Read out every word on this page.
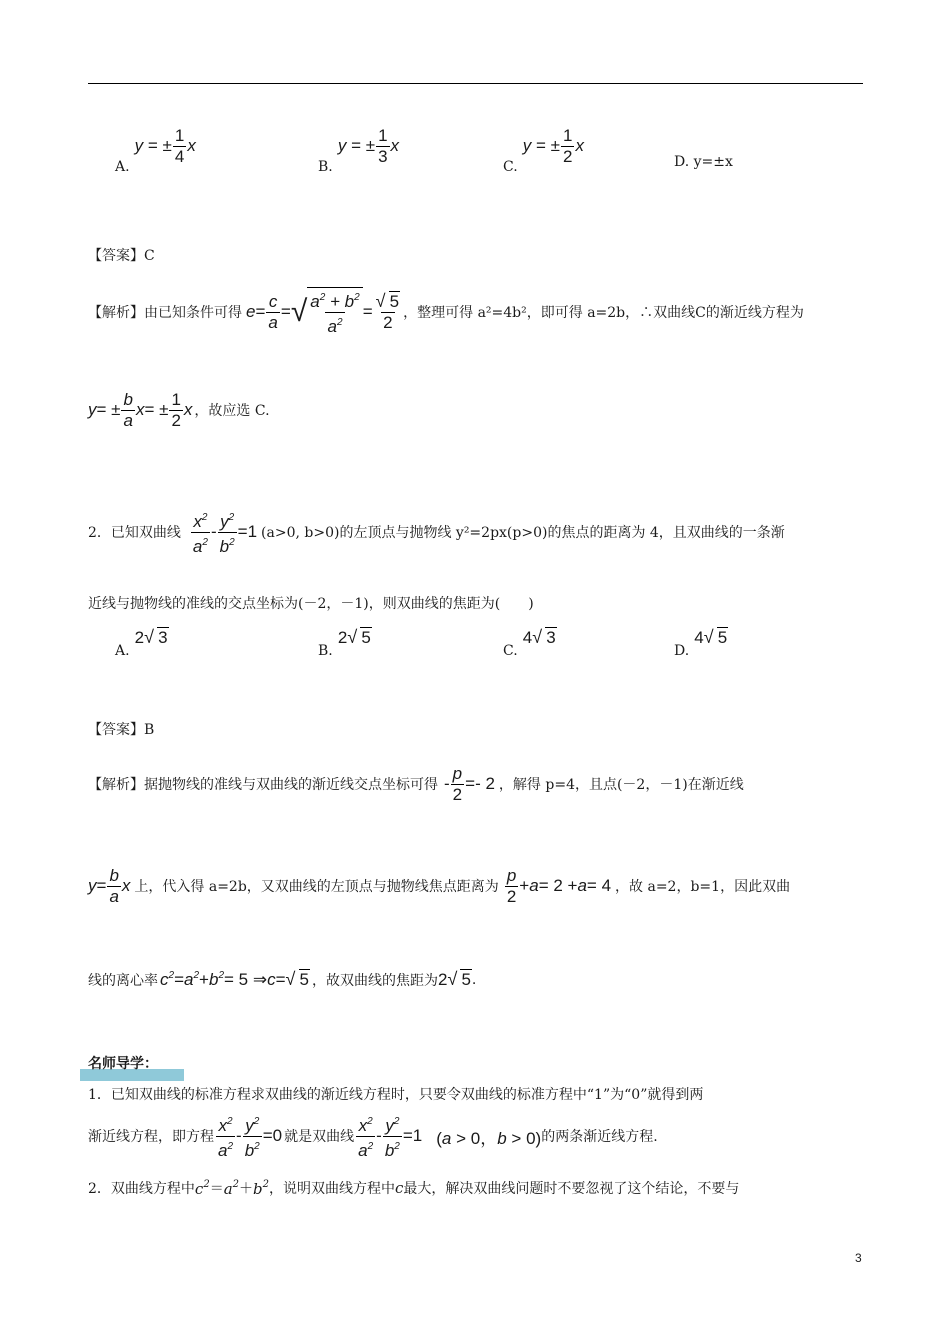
A. y = ± $\frac{1}{4}$ x
B. y = ± $\frac{1}{3}$ x
C. y = ± $\frac{1}{2}$ x
D. y=±x
【答案】C
【解析】由已知条件可得 $e = \frac{c}{a}$ = √ $\frac{a^2 + b^2}{a^2}$ = √ $\frac{5}{2}$ ，整理可得 a²=4b²，即可得 a=2b，∴双曲线C的渐近线方程为
y = ± $\frac{b}{a}$ x = ± $\frac{1}{2}$ x ，故应选 C.
2．已知双曲线 $\frac{x^2}{a^2} - \frac{y^2}{b^2} =1$ (a>0, b>0)的左顶点与抛物线 y²=2px(p>0)的焦点的距离为 4，且双曲线的一条渐
近线与抛物线的准线的交点坐标为(－2，－1)，则双曲线的焦距为(　　)
A. 2 √ 3
B. 2 √ 5
C. 4 √ 3
D. 4 √ 5
【答案】B
【解析】据抛物线的准线与双曲线的渐近线交点坐标可得 - $\frac{p}{2} =- 2$ ，解得 p=4，且点(－2，－1)在渐近线
$y = \frac{b}{a}$ x 上，代入得 a=2b，又双曲线的左顶点与抛物线焦点距离为 $\frac{p}{2} + a = 2 + a = 4$ ，故 a=2，b=1，因此双曲
线的离心率 $c^2 = a^2 + b^2 = 5$ ⇒ c = √ 5 ，故双曲线的焦距为 2 √ 5 .
名师导学：
1．已知双曲线的标准方程求双曲线的渐近线方程时，只要令双曲线的标准方程中“1”为“0”就得到两
渐近线方程，即方程 $\frac{x^2}{a^2} - \frac{y^2}{b^2} =0$ 就是双曲线 $\frac{x^2}{a^2} - \frac{y^2}{b^2} =1$ (a > 0，b > 0) 的两条渐近线方程.
2．双曲线方程中 $c^2 = a^2 + b^2$ ，说明双曲线方程中 c 最大，解决双曲线问题时不要忽视了这个结论，不要与
3
